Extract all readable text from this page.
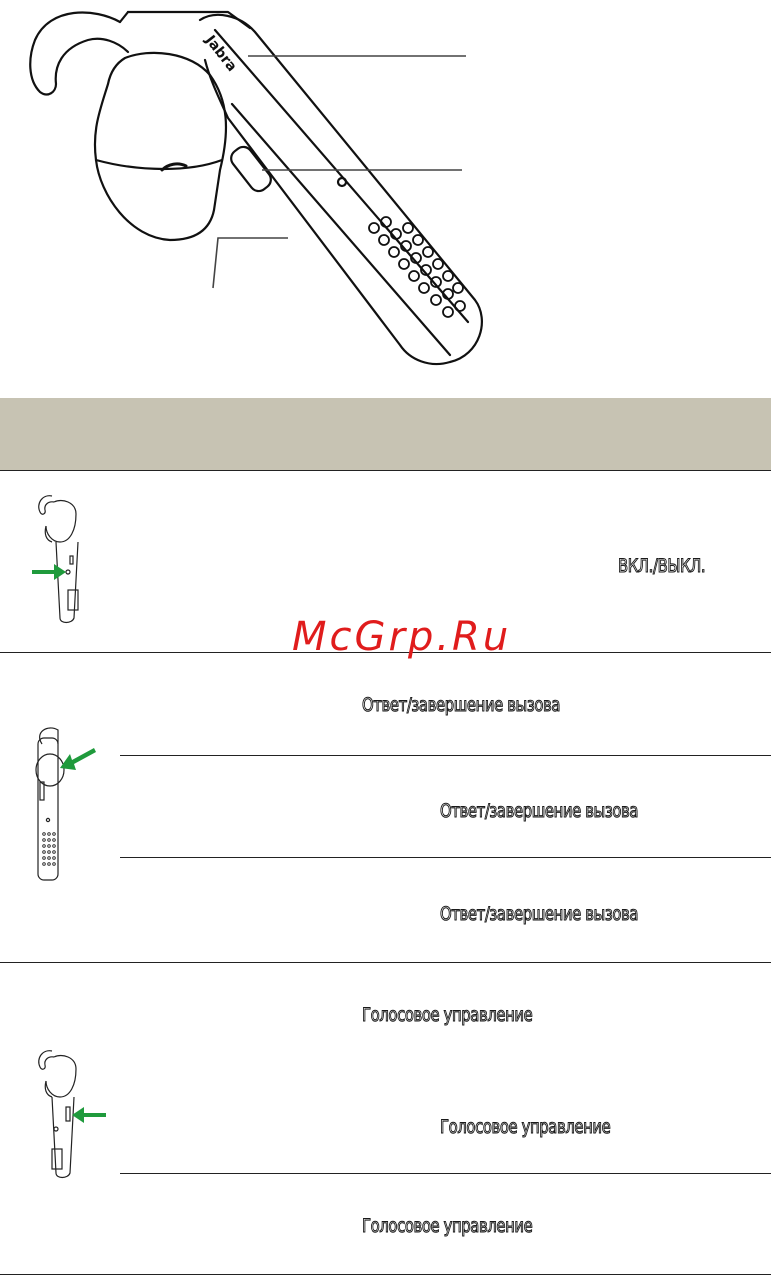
Jabra
ВКЛ./ВЫКЛ.
Ответ/завершение вызова
Ответ/завершение вызова
Ответ/завершение вызова
Голосовое управление
Голосовое управление
Голосовое управление
McGrp.Ru
